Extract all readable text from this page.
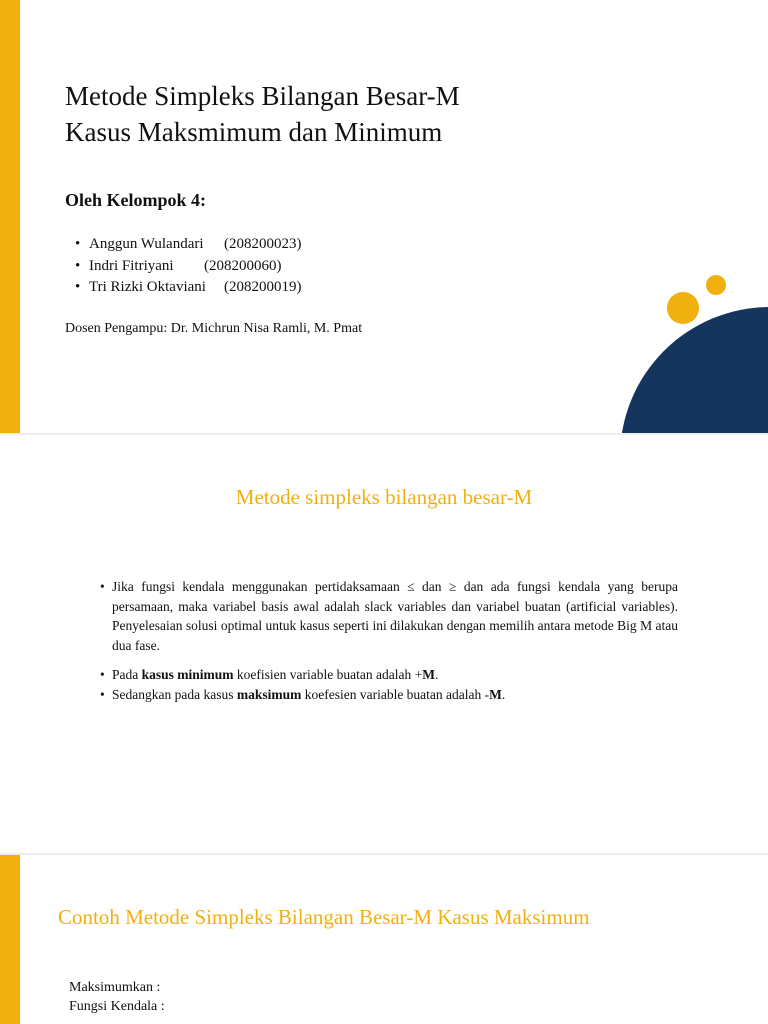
Metode Simpleks Bilangan Besar-M
Kasus Maksmimum dan Minimum
Oleh Kelompok 4:
• Anggun Wulandari	(208200023)
• Indri Fitriyani	(208200060)
• Tri Rizki Oktaviani	(208200019)
Dosen Pengampu: Dr. Michrun Nisa Ramli, M. Pmat
Metode simpleks bilangan besar-M
• Jika fungsi kendala menggunakan pertidaksamaan ≤ dan ≥ dan ada fungsi kendala yang berupa persamaan, maka variabel basis awal adalah slack variables dan variabel buatan (artificial variables). Penyelesaian solusi optimal untuk kasus seperti ini dilakukan dengan memilih antara metode Big M atau dua fase.
• Pada kasus minimum koefisien variable buatan adalah +M.
• Sedangkan pada kasus maksimum koefesien variable buatan adalah -M.
Contoh Metode Simpleks Bilangan Besar-M Kasus Maksimum
Maksimumkan :
Fungsi Kendala :
